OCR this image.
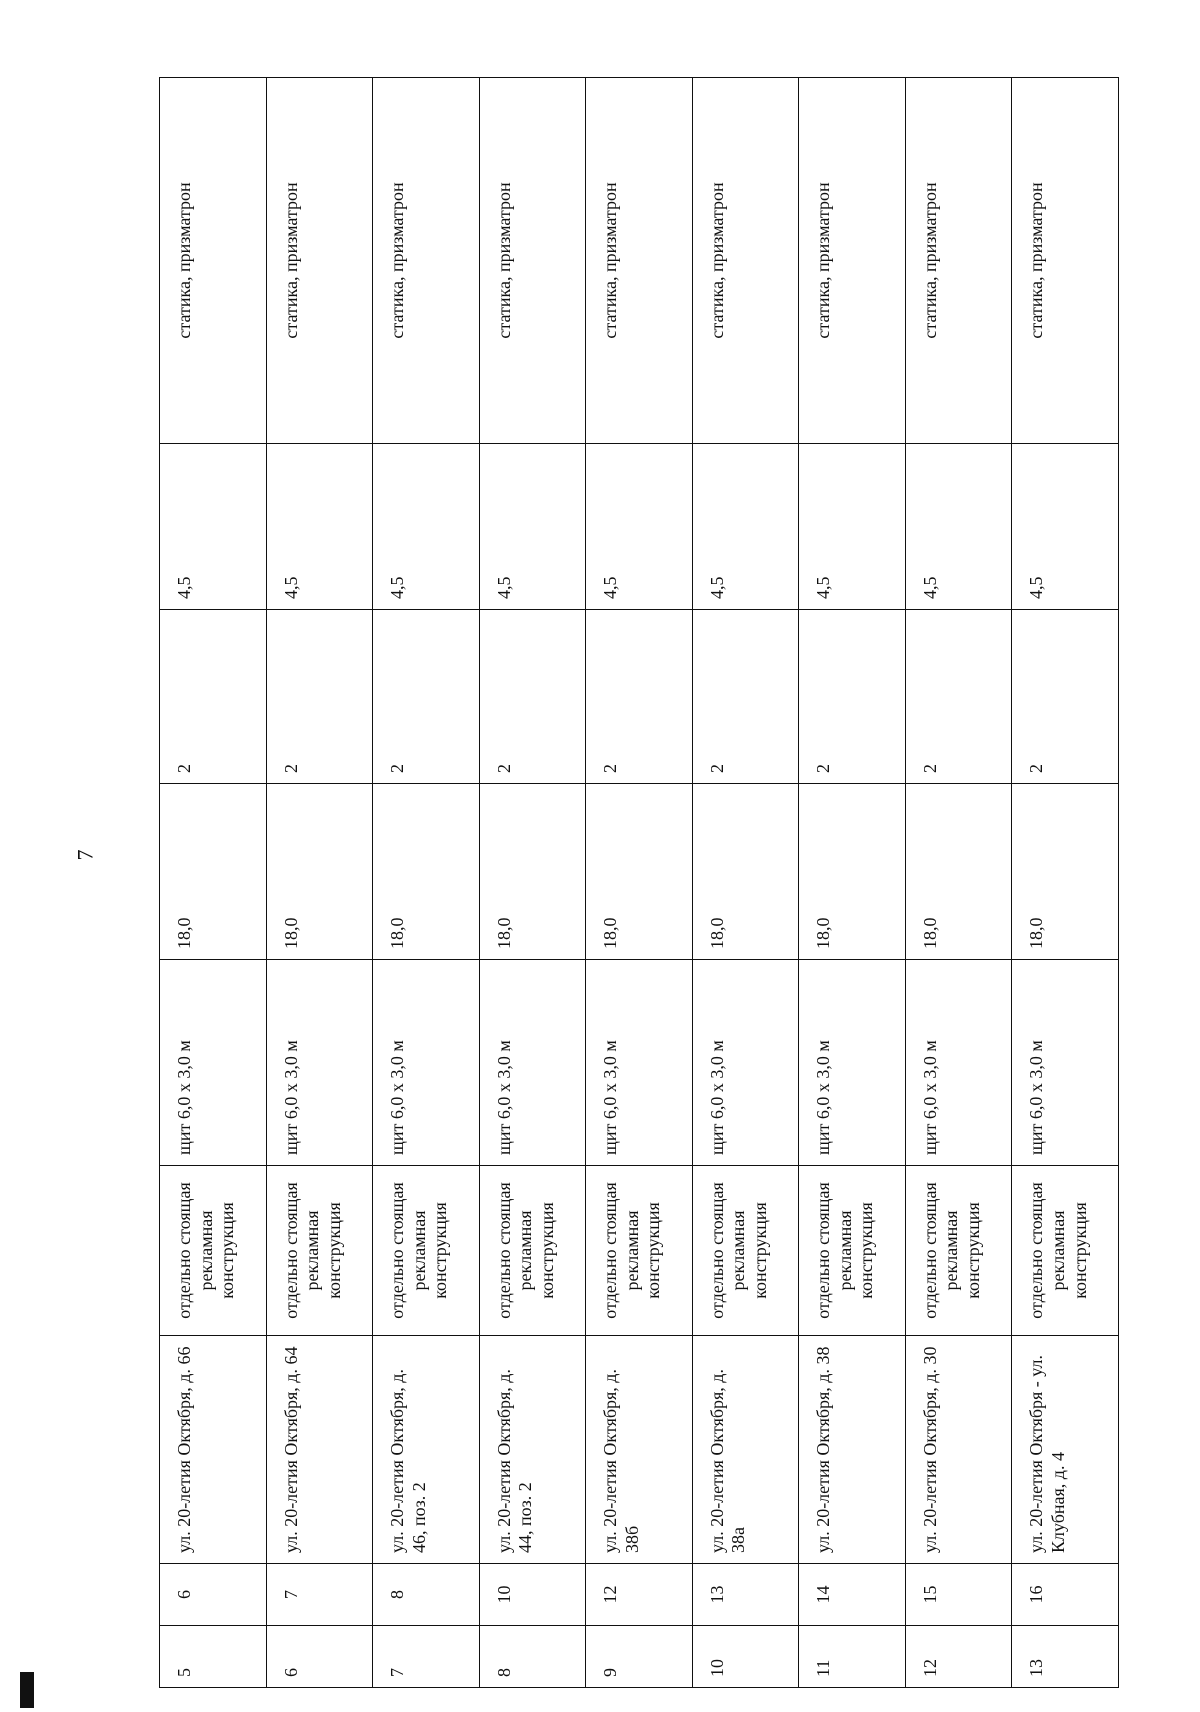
7
5	6	ул. 20-летия Октября, д. 66	отдельно стоящая рекламная конструкция	щит 6,0 х 3,0 м	18,0	2	4,5	статика, призматрон
6	7	ул. 20-летия Октября, д. 64	отдельно стоящая рекламная конструкция	щит 6,0 х 3,0 м	18,0	2	4,5	статика, призматрон
7	8	ул. 20-летия Октября, д. 46, поз. 2	отдельно стоящая рекламная конструкция	щит 6,0 х 3,0 м	18,0	2	4,5	статика, призматрон
8	10	ул. 20-летия Октября, д. 44, поз. 2	отдельно стоящая рекламная конструкция	щит 6,0 х 3,0 м	18,0	2	4,5	статика, призматрон
9	12	ул. 20-летия Октября, д. 38б	отдельно стоящая рекламная конструкция	щит 6,0 х 3,0 м	18,0	2	4,5	статика, призматрон
10	13	ул. 20-летия Октября, д. 38а	отдельно стоящая рекламная конструкция	щит 6,0 х 3,0 м	18,0	2	4,5	статика, призматрон
11	14	ул. 20-летия Октября, д. 38	отдельно стоящая рекламная конструкция	щит 6,0 х 3,0 м	18,0	2	4,5	статика, призматрон
12	15	ул. 20-летия Октября, д. 30	отдельно стоящая рекламная конструкция	щит 6,0 х 3,0 м	18,0	2	4,5	статика, призматрон
13	16	ул. 20-летия Октября - ул. Клубная, д. 4	отдельно стоящая рекламная конструкция	щит 6,0 х 3,0 м	18,0	2	4,5	статика, призматрон
